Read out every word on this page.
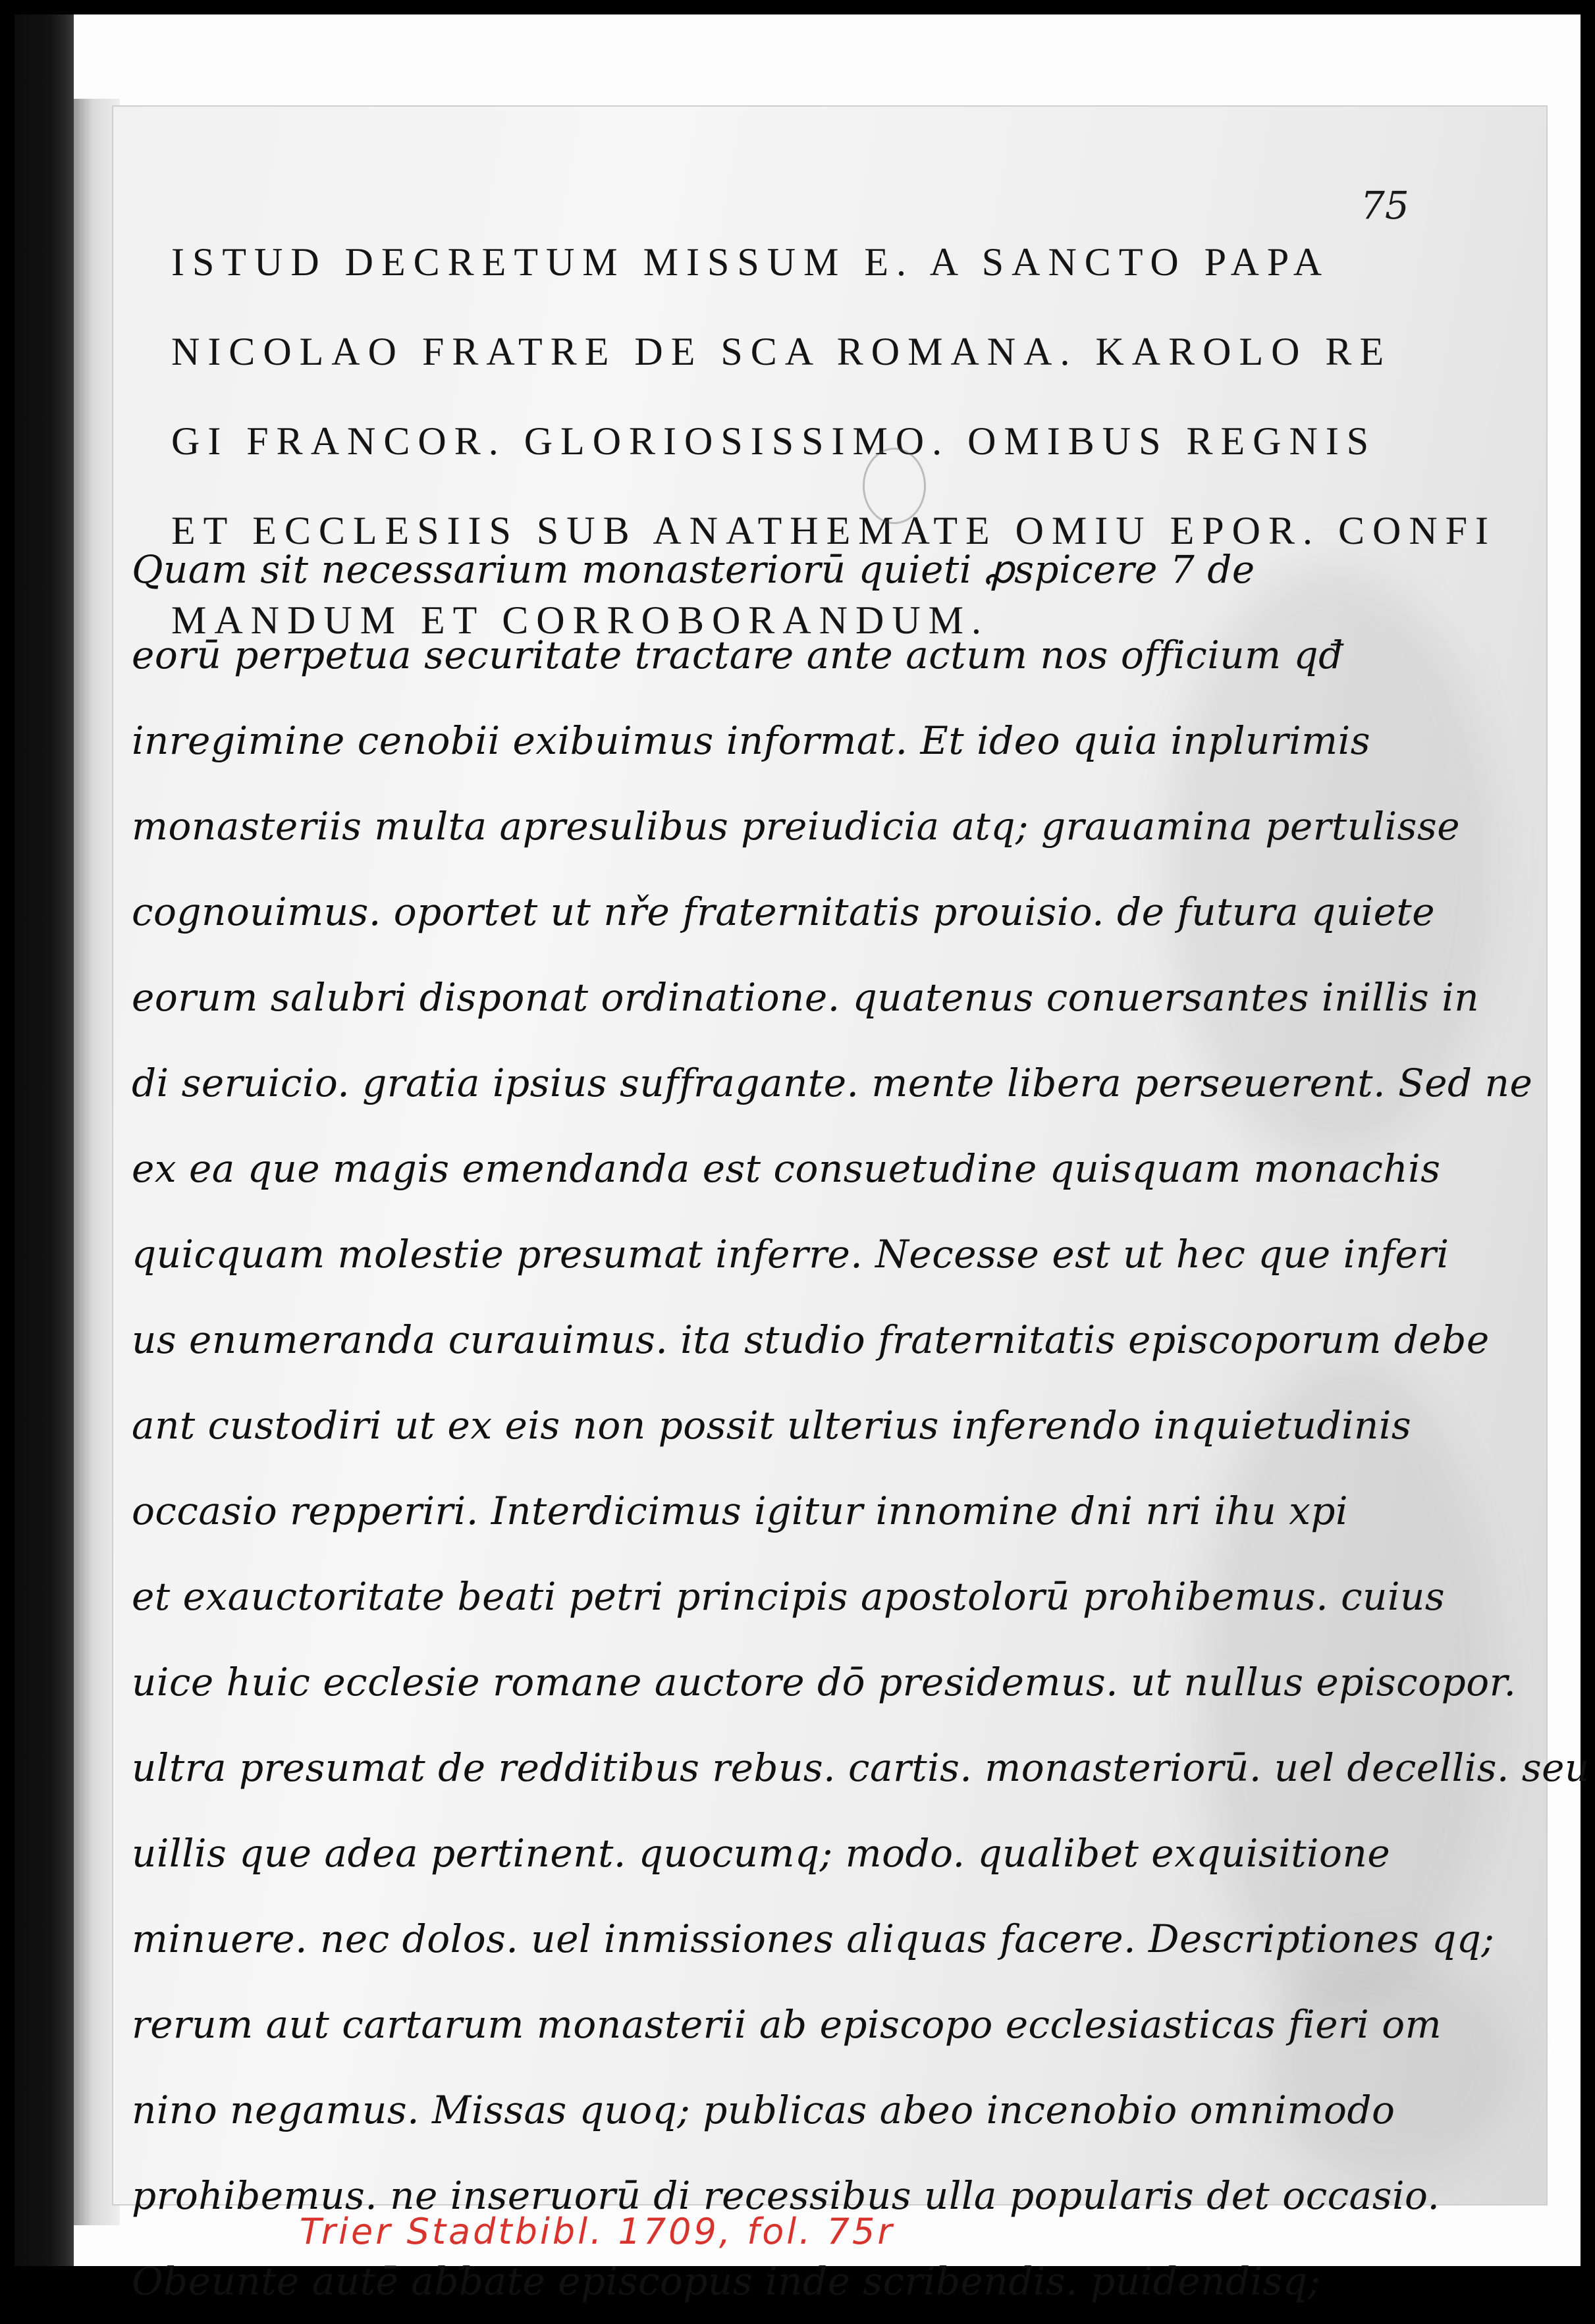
75
ISTUD DECRETUM MISSUM E. A SANCTO PAPA
NICOLAO FRATRE DE SCA ROMANA. KAROLO RE
GI FRANCOR. GLORIOSISSIMO. OMIBUS REGNIS
ET ECCLESIIS SUB ANATHEMATE OMIU EPOR. CONFI
MANDUM ET CORROBORANDUM.
Quam sit necessarium monasteriorū quieti ꝓspicere 7 de
eorū perpetua securitate tractare ante actum nos officium qđ
inregimine cenobii exibuimus informat. Et ideo quia inplurimis
monasteriis multa apresulibus preiudicia atq; grauamina pertulisse
cognouimus. oportet ut nře fraternitatis prouisio. de futura quiete
eorum salubri disponat ordinatione. quatenus conuersantes inillis in
di seruicio. gratia ipsius suffragante. mente libera perseuerent. Sed ne
ex ea que magis emendanda est consuetudine quisquam monachis
quicquam molestie presumat inferre. Necesse est ut hec que inferi
us enumeranda curauimus. ita studio fraternitatis episcoporum debe
ant custodiri ut ex eis non possit ulterius inferendo inquietudinis
occasio repperiri. Interdicimus igitur innomine dni nri ihu xpi
et exauctoritate beati petri principis apostolorū prohibemus. cuius
uice huic ecclesie romane auctore dō presidemus. ut nullus episcopor.
ultra presumat de redditibus rebus. cartis. monasteriorū. uel decellis. seu
uillis que adea pertinent. quocumq; modo. qualibet exquisitione
minuere. nec dolos. uel inmissiones aliquas facere. Descriptiones qq;
rerum aut cartarum monasterii ab episcopo ecclesiasticas fieri om
nino negamus. Missas quoq; publicas abeo incenobio omnimodo
prohibemus. ne inseruorū di recessibus ulla popularis det occasio.
Obeunte autē abbate episcopus inde scribendis. puidendisq;
Trier Stadtbibl. 1709, fol. 75r
